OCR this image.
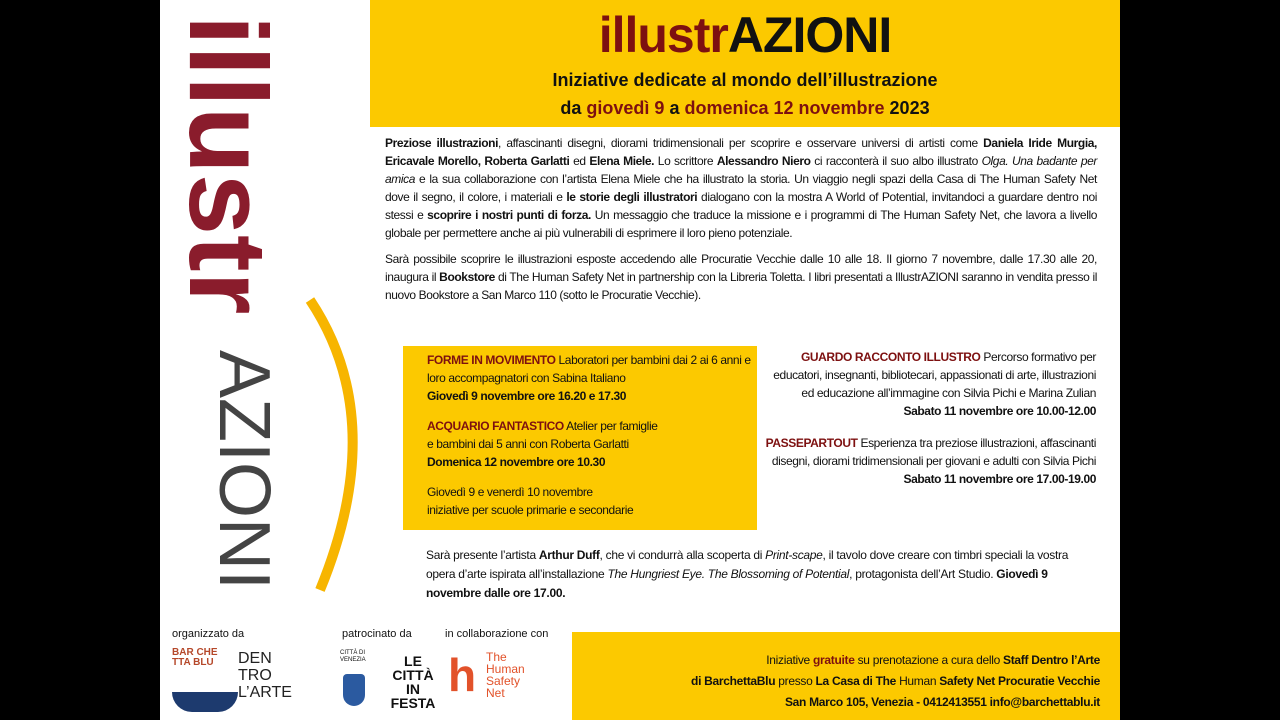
illustr
AZIONI
illustrAZIONI
Iniziative dedicate al mondo dell’illustrazione
da giovedì 9 a domenica 12 novembre 2023

Preziose illustrazioni, affascinanti disegni, diorami tridimensionali per scoprire e osservare universi di artisti come Daniela Iride Murgia, Ericavale Morello, Roberta Garlatti ed Elena Miele. Lo scrittore Alessandro Niero ci racconterà il suo albo illustrato Olga. Una badante per amica e la sua collaborazione con l’artista Elena Miele che ha illustrato la storia. Un viaggio negli spazi della Casa di The Human Safety Net dove il segno, il colore, i materiali e le storie degli illustratori dialogano con la mostra A World of Potential, invitandoci a guardare dentro noi stessi e scoprire i nostri punti di forza. Un messaggio che traduce la missione e i programmi di The Human Safety Net, che lavora a livello globale per permettere anche ai più vulnerabili di esprimere il loro pieno potenziale.

Sarà possibile scoprire le illustrazioni esposte accedendo alle Procuratie Vecchie dalle 10 alle 18. Il giorno 7 novembre, dalle 17.30 alle 20, inaugura il Bookstore di The Human Safety Net in partnership con la Libreria Toletta. I libri presentati a IllustrAZIONI saranno in vendita presso il nuovo Bookstore a San Marco 110 (sotto le Procuratie Vecchie).

FORME IN MOVIMENTO Laboratori per bambini dai 2 ai 6 anni e loro accompagnatori con Sabina Italiano
Giovedì 9 novembre ore 16.20 e 17.30

ACQUARIO FANTASTICO Atelier per famiglie
e bambini dai 5 anni con Roberta Garlatti
Domenica 12 novembre ore 10.30

Giovedì 9 e venerdì 10 novembre
iniziative per scuole primarie e secondarie

GUARDO RACCONTO ILLUSTRO Percorso formativo per educatori, insegnanti, bibliotecari, appassionati di arte, illustrazioni ed educazione all’immagine con Silvia Pichi e Marina Zulian
Sabato 11 novembre ore 10.00-12.00

PASSEPARTOUT Esperienza tra preziose illustrazioni, affascinanti disegni, diorami tridimensionali per giovani e adulti con Silvia Pichi
Sabato 11 novembre ore 17.00-19.00

Sarà presente l’artista Arthur Duff, che vi condurrà alla scoperta di Print-scape, il tavolo dove creare con timbri speciali la vostra opera d’arte ispirata all’installazione The Hungriest Eye. The Blossoming of Potential, protagonista dell’Art Studio. Giovedì 9 novembre dalle ore 17.00.
organizzato da	patrocinato da	in collaborazione con
BAR CHE TTA BLU	DEN TRO L’ARTE
CITTÀ DI VENEZIA	LE CITTÀ IN FESTA
h The Human Safety Net
Iniziative gratuite su prenotazione a cura dello Staff Dentro l’Arte
di BarchettaBlu presso La Casa di The Human Safety Net Procuratie Vecchie
San Marco 105, Venezia - 0412413551 info@barchettablu.it
